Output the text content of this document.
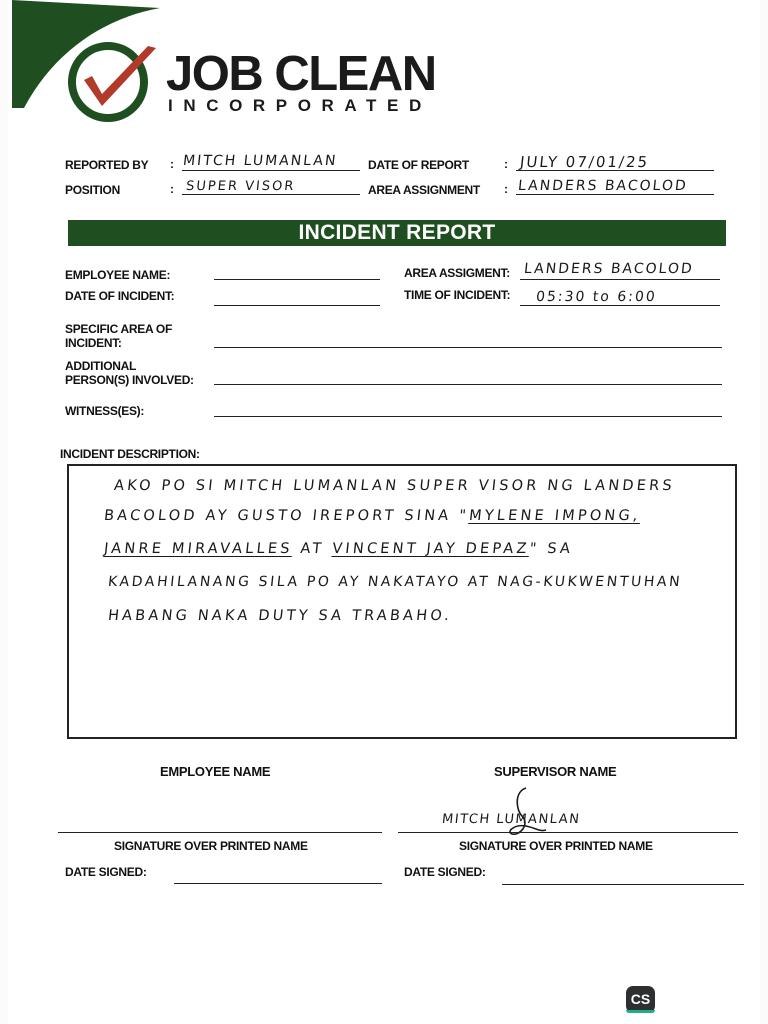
JOB CLEAN
INCORPORATED
REPORTED BY : MITCH LUMANLAN DATE OF REPORT	: JULY 07/01/25
POSITION	: SUPER VISOR	AREA ASSIGNMENT : LANDERS BACOLOD
INCIDENT REPORT
EMPLOYEE NAME:	AREA ASSIGMENT: LANDERS BACOLOD
DATE OF INCIDENT:	TIME OF INCIDENT: 05:30 to 6:00
SPECIFIC AREA OF
INCIDENT:
ADDITIONAL
PERSON(S) INVOLVED:
WITNESS(ES):
INCIDENT DESCRIPTION:
AKO PO SI MITCH LUMANLAN SUPER VISOR NG LANDERS
BACOLOD AY GUSTO IREPORT SINA "MYLENE IMPONG,
JANRE MIRAVALLES AT VINCENT JAY DEPAZ" SA
KADAHILANANG SILA PO AY NAKATAYO AT NAG-KUKWENTUHAN
HABANG NAKA DUTY SA TRABAHO.
EMPLOYEE NAME	SUPERVISOR NAME
SIGNATURE OVER PRINTED NAME
MITCH LUMANLAN
SIGNATURE OVER PRINTED NAME
DATE SIGNED:	DATE SIGNED:
CS
